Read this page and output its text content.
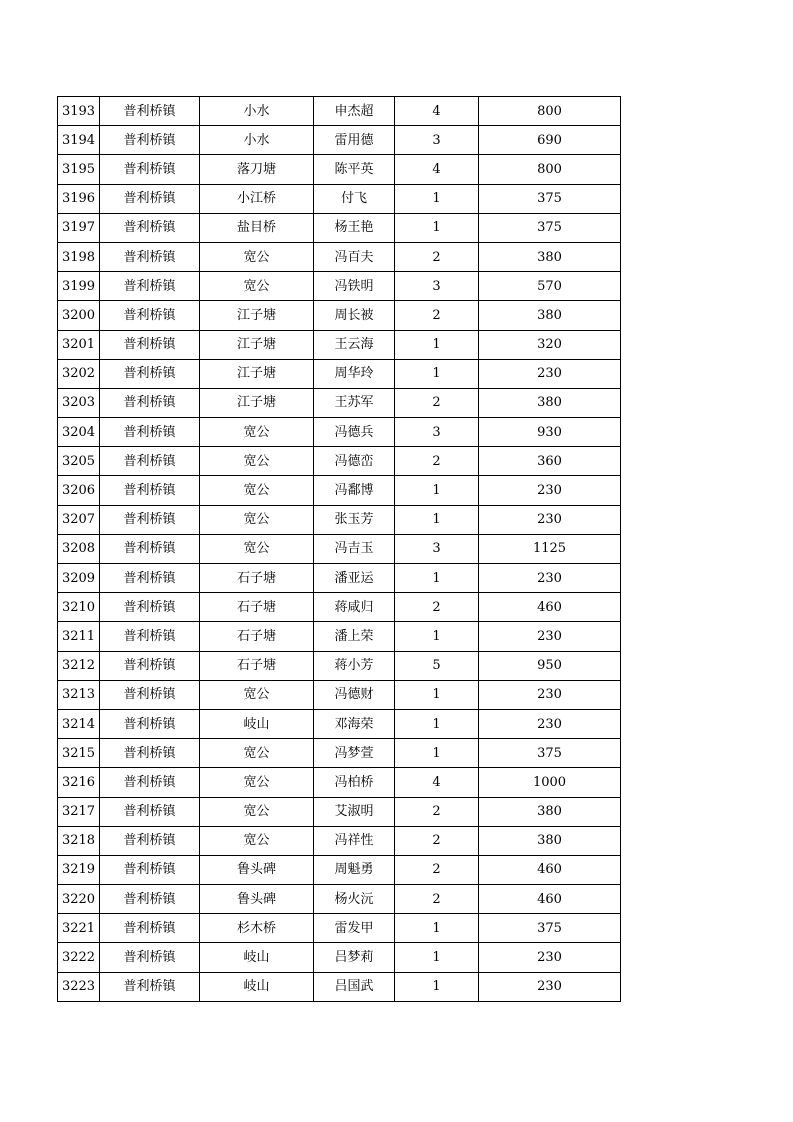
3193	普利桥镇	小水	申杰超	4	800
3194	普利桥镇	小水	雷用德	3	690
3195	普利桥镇	落刀塘	陈平英	4	800
3196	普利桥镇	小江桥	付飞	1	375
3197	普利桥镇	盐目桥	杨王艳	1	375
3198	普利桥镇	宽公	冯百夫	2	380
3199	普利桥镇	宽公	冯铁明	3	570
3200	普利桥镇	江子塘	周长被	2	380
3201	普利桥镇	江子塘	王云海	1	320
3202	普利桥镇	江子塘	周华玲	1	230
3203	普利桥镇	江子塘	王苏军	2	380
3204	普利桥镇	宽公	冯德兵	3	930
3205	普利桥镇	宽公	冯德峦	2	360
3206	普利桥镇	宽公	冯鄱博	1	230
3207	普利桥镇	宽公	张玉芳	1	230
3208	普利桥镇	宽公	冯吉玉	3	1125
3209	普利桥镇	石子塘	潘亚运	1	230
3210	普利桥镇	石子塘	蒋咸归	2	460
3211	普利桥镇	石子塘	潘上荣	1	230
3212	普利桥镇	石子塘	蒋小芳	5	950
3213	普利桥镇	宽公	冯德财	1	230
3214	普利桥镇	岐山	邓海荣	1	230
3215	普利桥镇	宽公	冯梦萱	1	375
3216	普利桥镇	宽公	冯柏桥	4	1000
3217	普利桥镇	宽公	艾淑明	2	380
3218	普利桥镇	宽公	冯祥性	2	380
3219	普利桥镇	鲁头碑	周魁勇	2	460
3220	普利桥镇	鲁头碑	杨火沅	2	460
3221	普利桥镇	杉木桥	雷发甲	1	375
3222	普利桥镇	岐山	吕梦莉	1	230
3223	普利桥镇	岐山	吕国武	1	230
